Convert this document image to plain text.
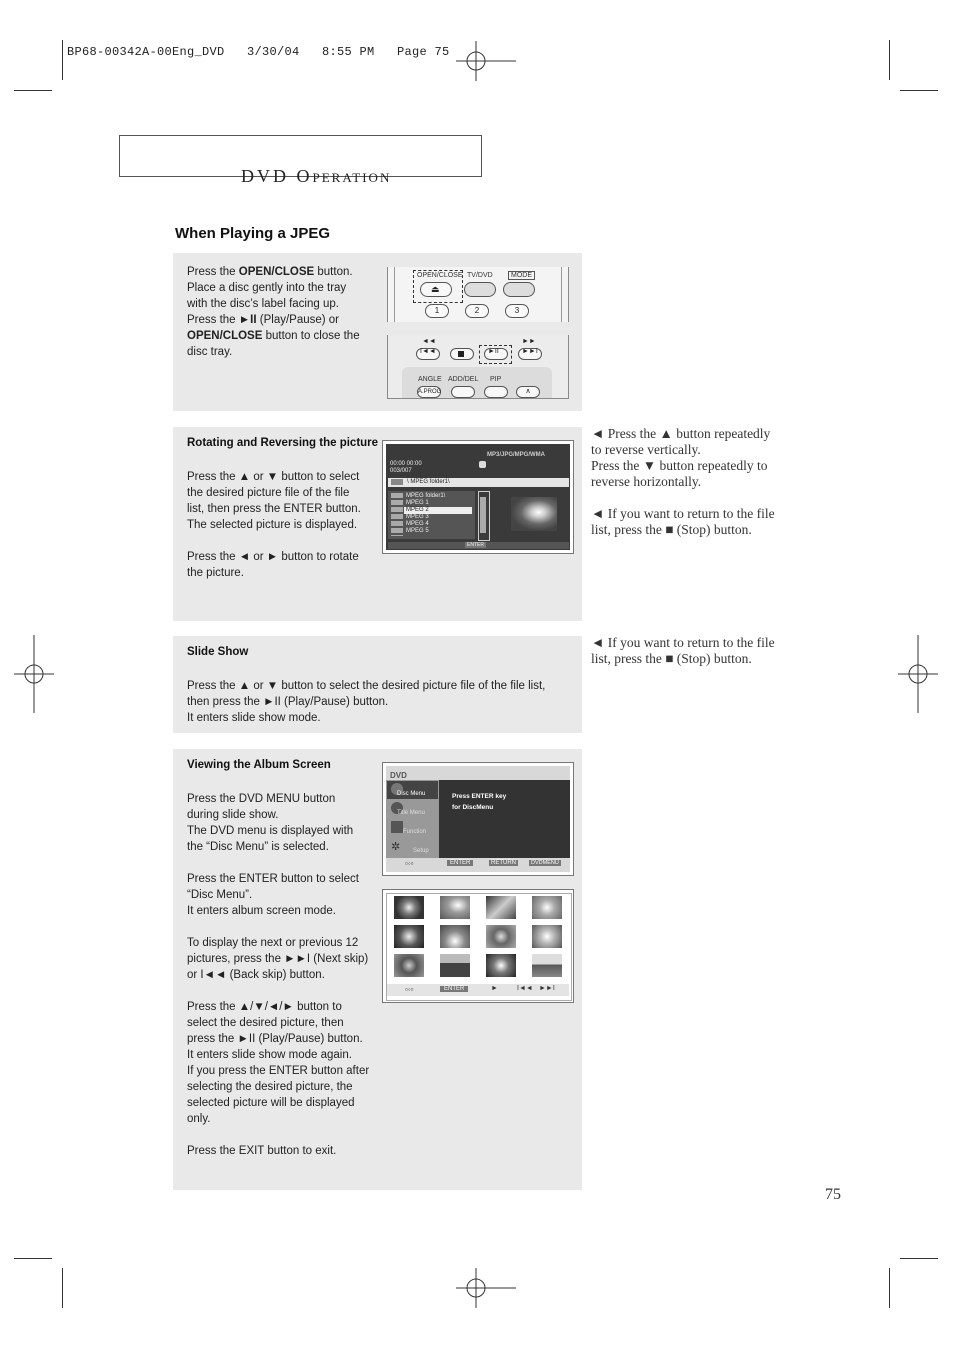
BP68-00342A-00Eng_DVD   3/30/04   8:55 PM   Page 75

DVD OPERATION

When Playing a JPEG
Press the OPEN/CLOSE button.
Place a disc gently into the tray
with the disc’s label facing up.
Press the ►II (Play/Pause) or
OPEN/CLOSE button to close the
disc tray.
OPEN/CLOSE TV/DVD	MODE
⏏
1	2	3
◄◄	►►
I◄◄	►II	►►I
ANGLE ADD/DEL PIP
A.PROG	∧
Rotating and Reversing the picture
Press the ▲ or ▼ button to select
the desired picture file of the file
list, then press the ENTER button.
The selected picture is displayed.
Press the ◄ or ► button to rotate
the picture.
MP3/JPG/MPG/WMA
00:00 00:00
003/007
\ MPEG folder1\
MPEG folder1\
MPEG 1
MPEG 2
MPEG 3
MPEG 4
MPEG 5
ENTER
◄ Press the ▲ button repeatedly
to reverse vertically.
Press the ▼ button repeatedly to
reverse horizontally.
◄ If you want to return to the file
list, press the ■ (Stop) button.
Slide Show
Press the ▲ or ▼ button to select the desired picture file of the file list,
then press the ►II (Play/Pause) button.
It enters slide show mode.
◄ If you want to return to the file
list, press the ■ (Stop) button.
Viewing the Album Screen
Press the DVD MENU button
during slide show.
The DVD menu is displayed with
the “Disc Menu” is selected.
Press the ENTER button to select
“Disc Menu”.
It enters album screen mode.
To display the next or previous 12
pictures, press the ►►I (Next skip)
or I◄◄ (Back skip) button.
Press the ▲/▼/◄/► button to
select the desired picture, then
press the ►II (Play/Pause) button.
It enters slide show mode again.
If you press the ENTER button after
selecting the desired picture, the
selected picture will be displayed
only.
Press the EXIT button to exit.
DVD
Disc Menu
Title Menu
Function
✲ Setup
Press ENTER key
for DiscMenu
▫◦▫	ENTER	RETURN	DVDMENU
▫◦▫	ENTER	►	I◄◄ ►►I
75
